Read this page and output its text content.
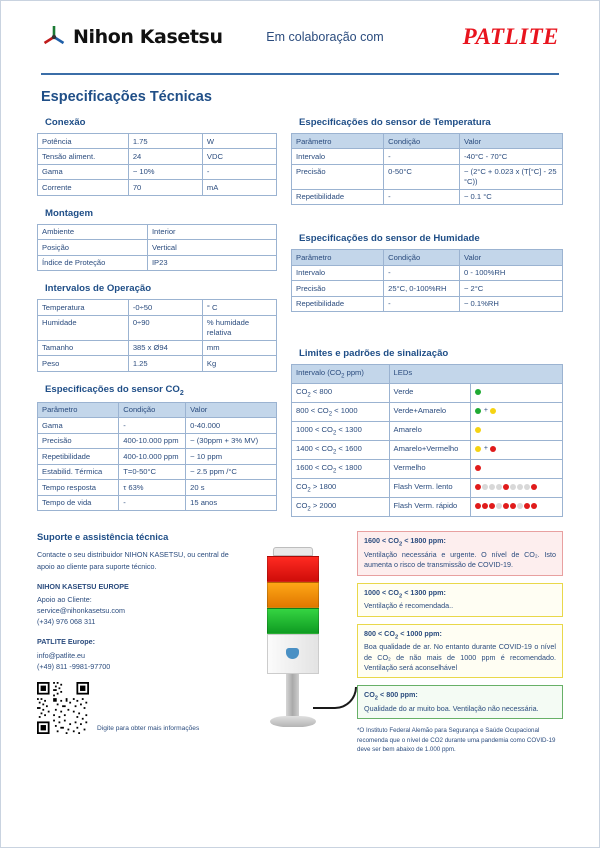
Nihon Kasetsu	Em colaboração com	PATLITE
Especificações Técnicas
Conexão
Potência	1.75	W
Tensão aliment.	24	VDC
Gama	~ 10%	-
Corrente	70	mA
Montagem
Ambiente	Interior
Posição	Vertical
Índice de Proteção	IP23
Intervalos de Operação
Temperatura	-0÷50	° C
Humidade	0÷90	% humidade relativa
Tamanho	385 x Ø94	mm
Peso	1.25	Kg
Especificações do sensor $CO_2$
Parâmetro	Condição	Valor
Gama	-	0-40.000
Precisão	400-10.000 ppm	~ (30ppm + 3% MV)
Repetibilidade	400-10.000 ppm	~ 10 ppm
Estabilid. Térmica	T=0-50°C	~ 2.5 ppm /°C
Tempo resposta	τ 63%	20 s
Tempo de vida	-	15 anos
Especificações do sensor de Temperatura
Parâmetro	Condição	Valor
Intervalo	-	-40°C - 70°C
Precisão	0-50°C	~ (2°C + 0.023 x (T[°C] - 25 °C))
Repetibilidade	-	~ 0.1 °C
Especificações do sensor de Humidade
Parâmetro	Condição	Valor
Intervalo	-	0 - 100%RH
Precisão	25°C, 0-100%RH	~ 2°C
Repetibilidade	-	~ 0.1%RH
Limites e padrões de sinalização
Intervalo ($CO_2$ ppm)	LEDs	
$CO_2 < 800$	Verde	
$800 < CO_2 < 1000$	Verde+Amarelo	+
$1000 < CO_2 < 1300$	Amarelo	
$1400 < CO_2 < 1600$	Amarelo+Vermelho	+
$1600 < CO_2 < 1800$	Vermelho	
$CO_2 > 1800$	Flash Verm. lento	
$CO_2 > 2000$	Flash Verm. rápido	
Suporte e assistência técnica

Contacte o seu distribuidor NIHON KASETSU, ou central de apoio ao cliente para suporte técnico.

NIHON KASETSU EUROPE

Apoio ao Cliente:
service@nihonkasetsu.com
(+34) 976 068 311

PATLITE Europe:

info@patlite.eu
(+49) 811 -9981-97700

Digite para obter mais informações
$1600 < CO_2 < 1800$ ppm:
Ventilação necessária e urgente. O nível de CO₂. Isto aumenta o risco de transmissão de COVID-19.
$1000 < CO_2 < 1300$ ppm:
Ventilação é recomendada..
$800 < CO_2 < 1000$ ppm:
Boa qualidade de ar. No entanto durante COVID-19 o nível de CO₂ de não mais de 1000 ppm é recomendado. Ventilação será aconselhável
$CO_2 < 800$ ppm:
Qualidade do ar muito boa. Ventilação não necessária.
*O Instituto Federal Alemão para Segurança e Saúde Ocupacional recomenda que o nível de CO2 durante uma pandemia como COVID-19 deve ser bem abaixo de 1.000 ppm.
